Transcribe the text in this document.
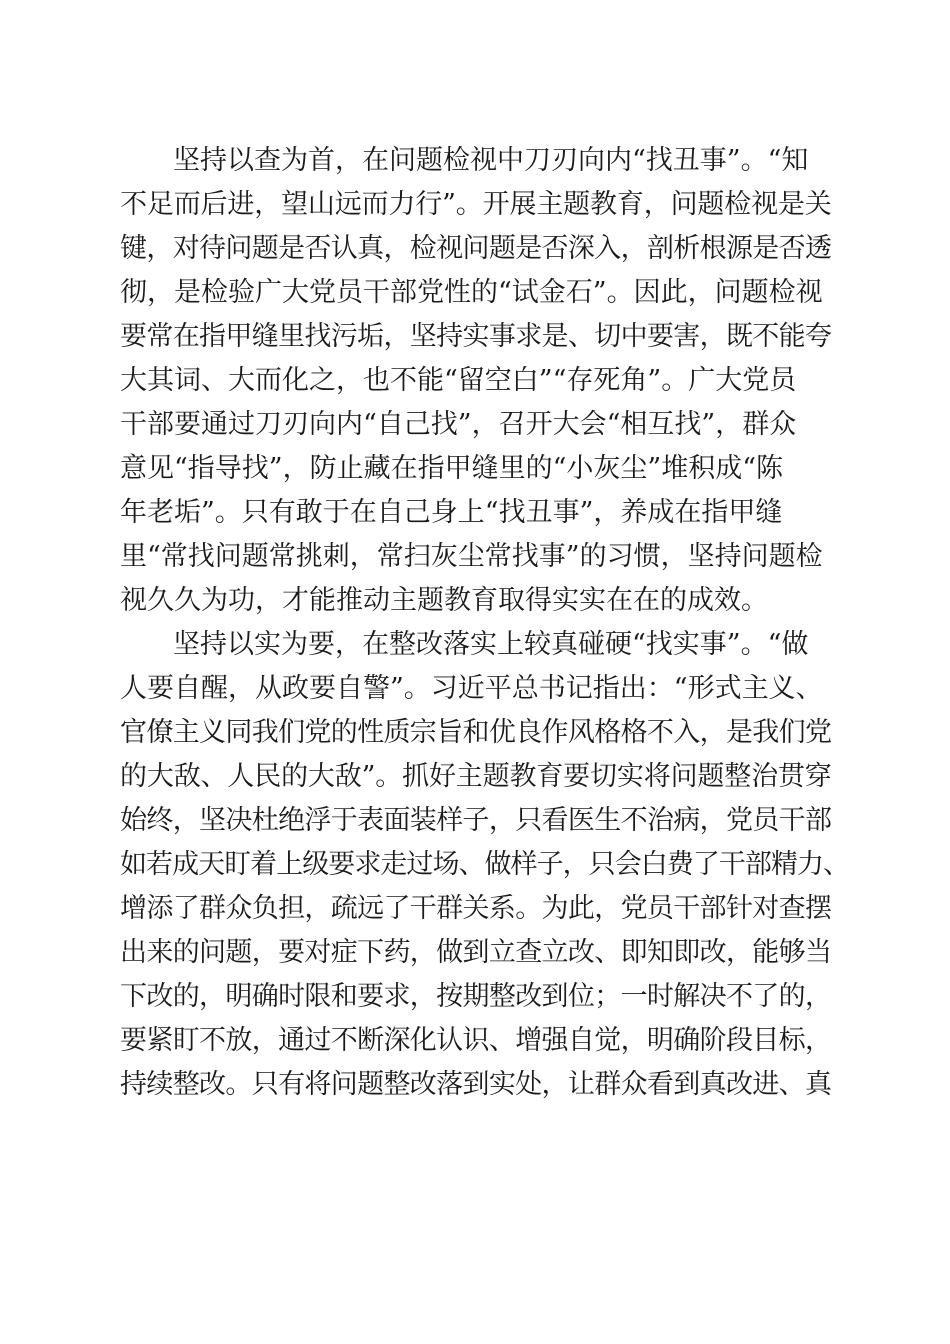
坚持以查为首，在问题检视中刀刃向内“找丑事”。“知
不足而后进，望山远而力行”。开展主题教育，问题检视是关
键，对待问题是否认真，检视问题是否深入，剖析根源是否透
彻，是检验广大党员干部党性的“试金石”。因此，问题检视
要常在指甲缝里找污垢，坚持实事求是、切中要害，既不能夸
大其词、大而化之，也不能“留空白”“存死角”。广大党员
干部要通过刀刃向内“自己找”，召开大会“相互找”，群众
意见“指导找”，防止藏在指甲缝里的“小灰尘”堆积成“陈
年老垢”。只有敢于在自己身上“找丑事”，养成在指甲缝
里“常找问题常挑刺，常扫灰尘常找事”的习惯，坚持问题检
视久久为功，才能推动主题教育取得实实在在的成效。
坚持以实为要，在整改落实上较真碰硬“找实事”。“做
人要自醒，从政要自警”。习近平总书记指出：“形式主义、
官僚主义同我们党的性质宗旨和优良作风格格不入，是我们党
的大敌、人民的大敌”。抓好主题教育要切实将问题整治贯穿
始终，坚决杜绝浮于表面装样子，只看医生不治病，党员干部
如若成天盯着上级要求走过场、做样子，只会白费了干部精力、
增添了群众负担，疏远了干群关系。为此，党员干部针对查摆
出来的问题，要对症下药，做到立查立改、即知即改，能够当
下改的，明确时限和要求，按期整改到位；一时解决不了的，
要紧盯不放，通过不断深化认识、增强自觉，明确阶段目标，
持续整改。只有将问题整改落到实处，让群众看到真改进、真
